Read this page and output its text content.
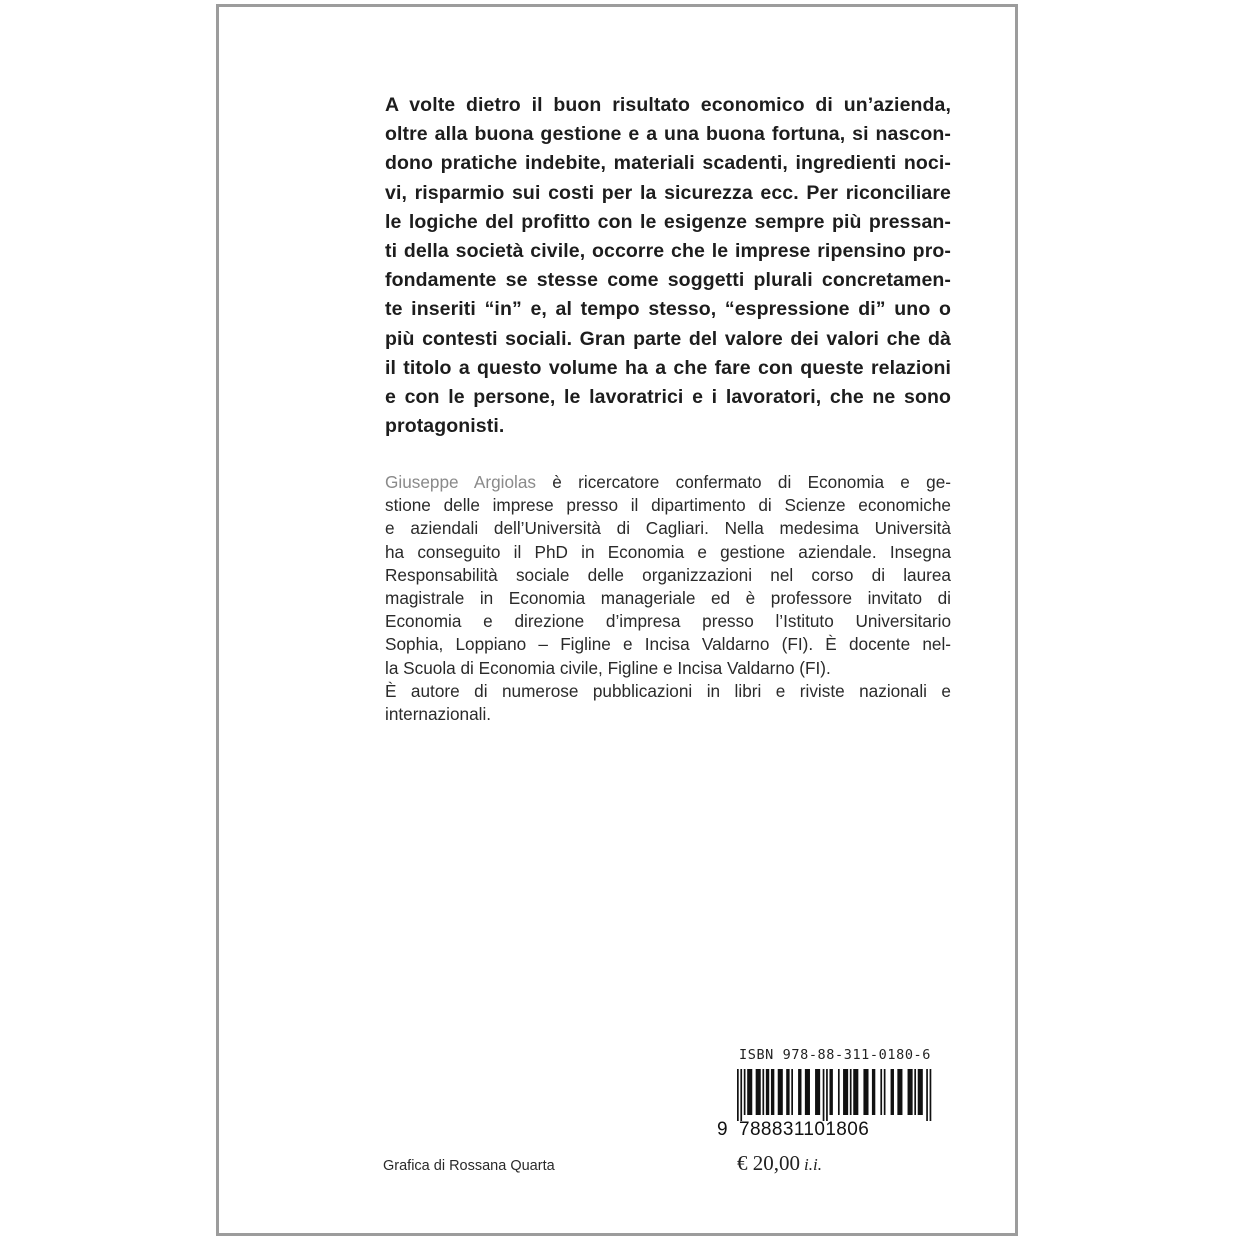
A volte dietro il buon risultato economico di un’azienda,
oltre alla buona gestione e a una buona fortuna, si nascon-
dono pratiche indebite, materiali scadenti, ingredienti noci-
vi, risparmio sui costi per la sicurezza ecc. Per riconciliare
le logiche del profitto con le esigenze sempre più pressan-
ti della società civile, occorre che le imprese ripensino pro-
fondamente se stesse come soggetti plurali concretamen-
te inseriti “in” e, al tempo stesso, “espressione di” uno o
più contesti sociali. Gran parte del valore dei valori che dà
il titolo a questo volume ha a che fare con queste relazioni
e con le persone, le lavoratrici e i lavoratori, che ne sono
protagonisti.
Giuseppe Argiolas è ricercatore confermato di Economia e ge-
stione delle imprese presso il dipartimento di Scienze economiche
e aziendali dell’Università di Cagliari. Nella medesima Università
ha conseguito il PhD in Economia e gestione aziendale. Insegna
Responsabilità sociale delle organizzazioni nel corso di laurea
magistrale in Economia manageriale ed è professore invitato di
Economia e direzione d’impresa presso l’Istituto Universitario
Sophia, Loppiano – Figline e Incisa Valdarno (FI). È docente nel-
la Scuola di Economia civile, Figline e Incisa Valdarno (FI).
È autore di numerose pubblicazioni in libri e riviste nazionali e
internazionali.
ISBN 978-88-311-0180-6
9 788831101806
Grafica di Rossana Quarta	€ 20,00 i.i.
